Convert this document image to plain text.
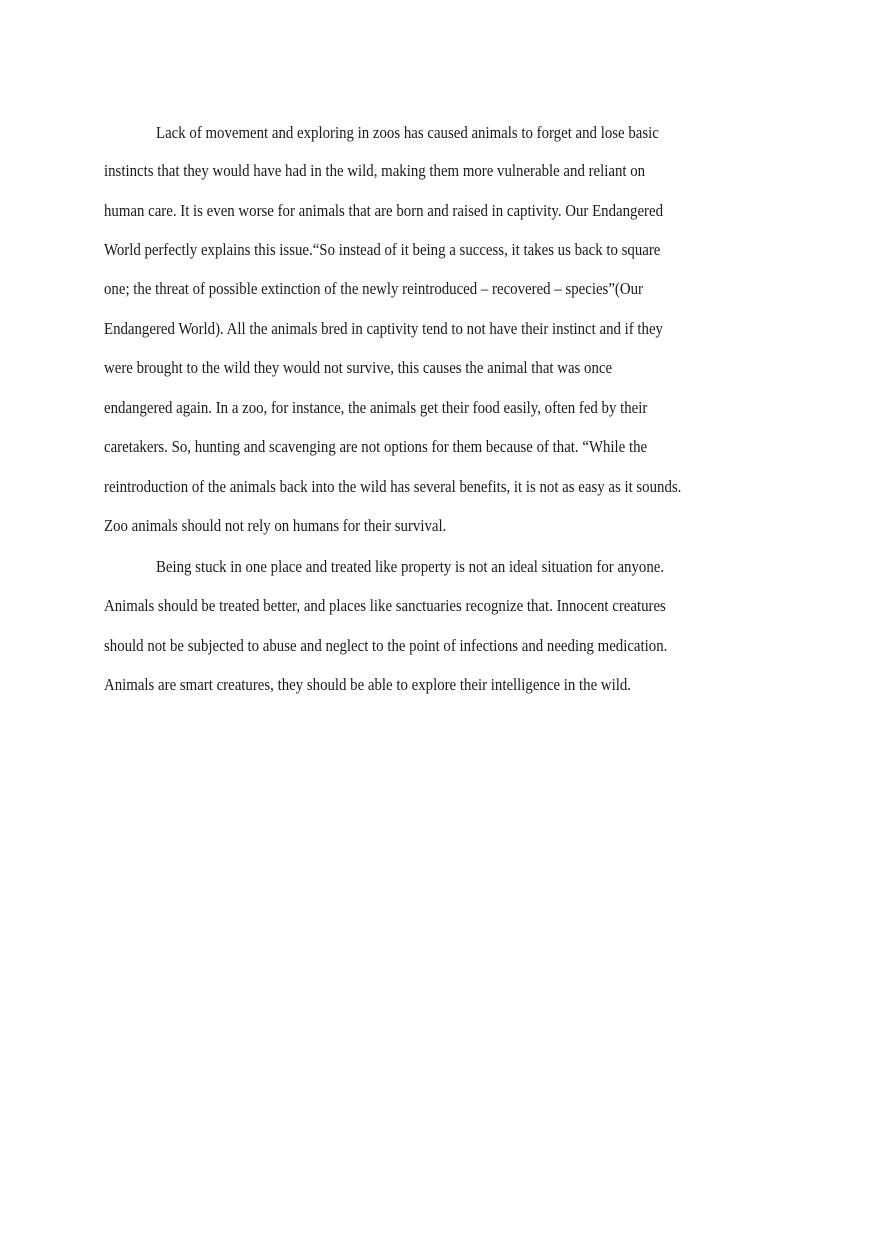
Lack of movement and exploring in zoos has caused animals to forget and lose basic
instincts that they would have had in the wild, making them more vulnerable and reliant on
human care. It is even worse for animals that are born and raised in captivity. Our Endangered
World perfectly explains this issue.“So instead of it being a success, it takes us back to square
one; the threat of possible extinction of the newly reintroduced – recovered – species”(Our
Endangered World). All the animals bred in captivity tend to not have their instinct and if they
were brought to the wild they would not survive, this causes the animal that was once
endangered again. In a zoo, for instance, the animals get their food easily, often fed by their
caretakers. So, hunting and scavenging are not options for them because of that. “While the
reintroduction of the animals back into the wild has several benefits, it is not as easy as it sounds.
Zoo animals should not rely on humans for their survival.
Being stuck in one place and treated like property is not an ideal situation for anyone.
Animals should be treated better, and places like sanctuaries recognize that. Innocent creatures
should not be subjected to abuse and neglect to the point of infections and needing medication.
Animals are smart creatures, they should be able to explore their intelligence in the wild.
